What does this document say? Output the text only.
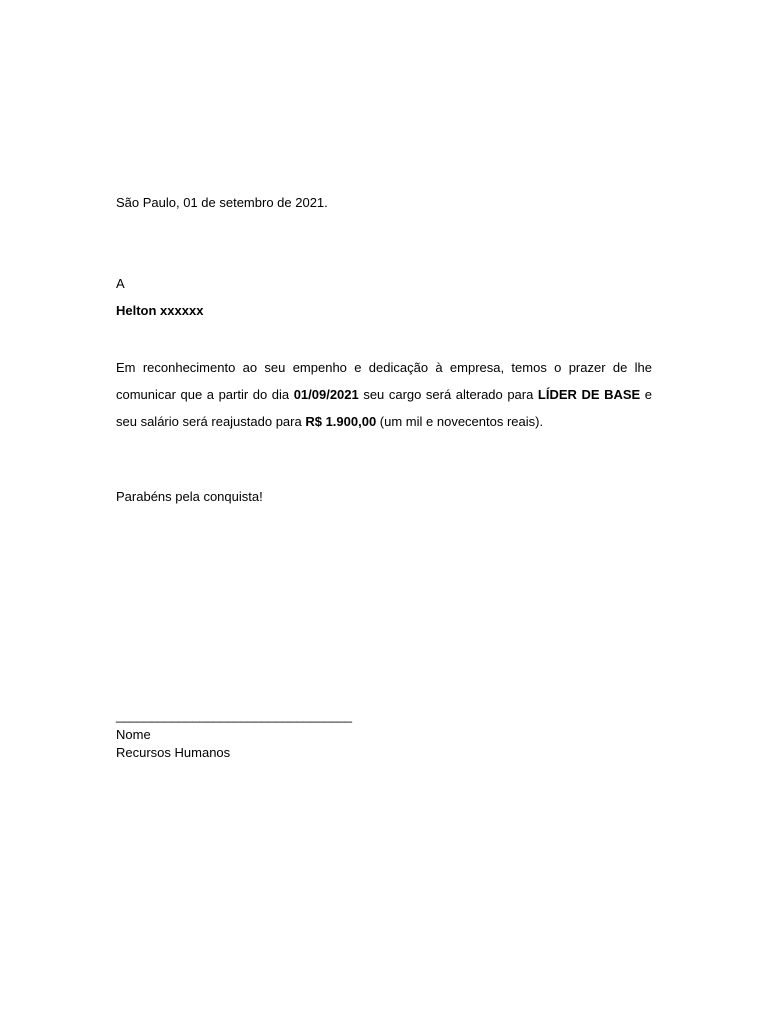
São Paulo, 01 de setembro de 2021.
A
Helton xxxxxx
Em reconhecimento ao seu empenho e dedicação à empresa, temos o prazer de lhe comunicar que a partir do dia 01/09/2021 seu cargo será alterado para LÍDER DE BASE e seu salário será reajustado para R$ 1.900,00 (um mil e novecentos reais).
Parabéns pela conquista!
__________________________________
Nome
Recursos Humanos
